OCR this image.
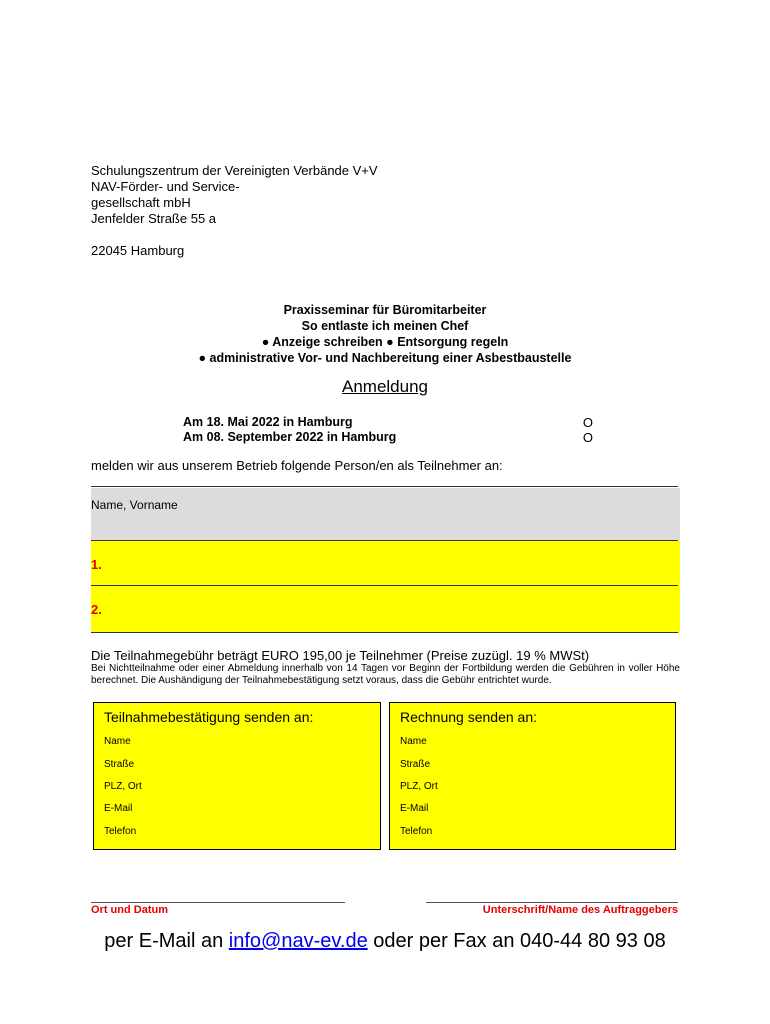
Schulungszentrum der Vereinigten Verbände V+V
NAV-Förder- und Service-
gesellschaft mbH
Jenfelder Straße 55 a
22045 Hamburg
Praxisseminar für Büromitarbeiter
So entlaste ich meinen Chef
● Anzeige schreiben ● Entsorgung regeln
● administrative Vor- und Nachbereitung einer Asbestbaustelle
Anmeldung
Am 18. Mai 2022 in Hamburg	O
Am 08. September 2022 in Hamburg	O
melden wir aus unserem Betrieb folgende Person/en als Teilnehmer an:
Name, Vorname
1.
2.
Die Teilnahmegebühr beträgt EURO 195,00 je Teilnehmer (Preise zuzügl. 19 % MWSt)
Bei Nichtteilnahme oder einer Abmeldung innerhalb von 14 Tagen vor Beginn der Fortbildung werden die Gebühren in voller Höhe berechnet. Die Aushändigung der Teilnahmebestätigung setzt voraus, dass die Gebühr entrichtet wurde.
Teilnahmebestätigung senden an:
Name
Straße
PLZ, Ort
E-Mail
Telefon
Rechnung senden an:
Name
Straße
PLZ, Ort
E-Mail
Telefon
Ort und Datum	Unterschrift/Name des Auftraggebers
per E-Mail an info@nav-ev.de oder per Fax an 040-44 80 93 08
